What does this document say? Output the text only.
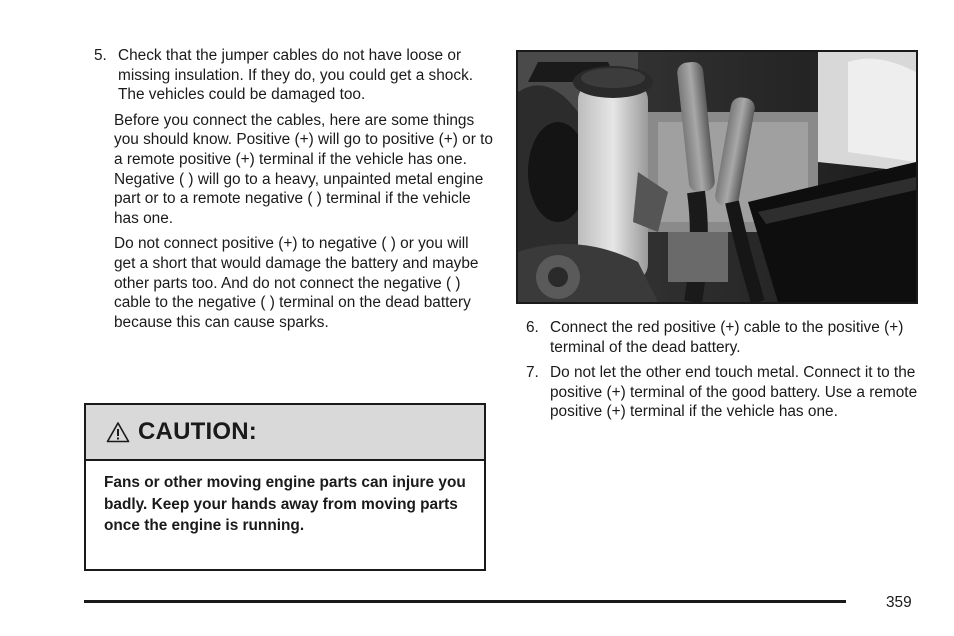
5. Check that the jumper cables do not have loose or missing insulation. If they do, you could get a shock. The vehicles could be damaged too.

Before you connect the cables, here are some things you should know. Positive (+) will go to positive (+) or to a remote positive (+) terminal if the vehicle has one. Negative ( ) will go to a heavy, unpainted metal engine part or to a remote negative ( ) terminal if the vehicle has one.

Do not connect positive (+) to negative ( ) or you will get a short that would damage the battery and maybe other parts too. And do not connect the negative ( ) cable to the negative ( ) terminal on the dead battery because this can cause sparks.

CAUTION:

Fans or other moving engine parts can injure you badly. Keep your hands away from moving parts once the engine is running.

6. Connect the red positive (+) cable to the positive (+) terminal of the dead battery.
7. Do not let the other end touch metal. Connect it to the positive (+) terminal of the good battery. Use a remote positive (+) terminal if the vehicle has one.
359
